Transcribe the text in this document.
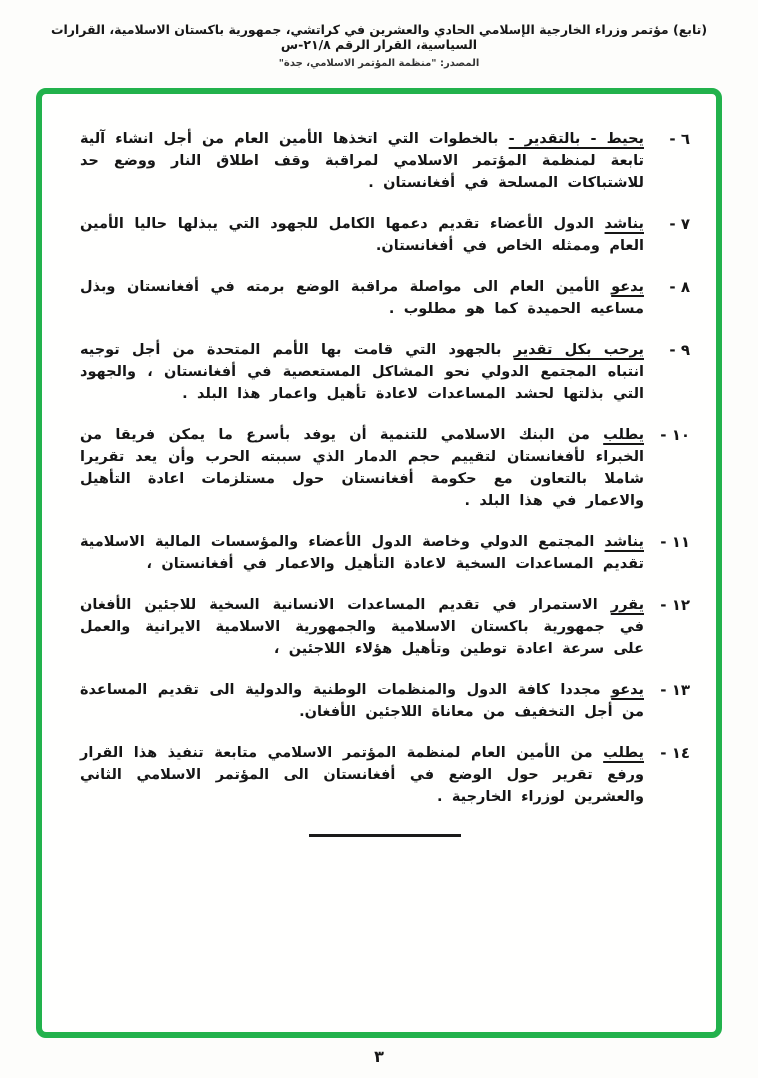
(تابع) مؤتمر وزراء الخارجية الإسلامي الحادي والعشرين في كراتشي، جمهورية باكستان الاسلامية، القرارات السياسية، القرار الرقم ٢١/٨-س
المصدر: "منظمة المؤتمر الاسلامي، جدة"
٦ -

يحيط - بالتقدير - بالخطوات التي اتخذها الأمين العام من أجل انشاء آلية تابعة لمنظمة المؤتمر الاسلامي لمراقبة وقف اطلاق النار ووضع حد للاشتباكات المسلحة في أفغانستان .

٧ -

يناشد الدول الأعضاء تقديم دعمها الكامل للجهود التي يبذلها حاليا الأمين العام وممثله الخاص في أفغانستان.

٨ -

يدعو الأمين العام الى مواصلة مراقبة الوضع برمته في أفغانستان وبذل مساعيه الحميدة كما هو مطلوب .

٩ -

يرحب بكل تقدير بالجهود التي قامت بها الأمم المتحدة من أجل توجيه انتباه المجتمع الدولي نحو المشاكل المستعصية في أفغانستان ، والجهود التي بذلتها لحشد المساعدات لاعادة تأهيل واعمار هذا البلد .

١٠ -

يطلب من البنك الاسلامي للتنمية أن يوفد بأسرع ما يمكن فريقا من الخبراء لأفغانستان لتقييم حجم الدمار الذي سببته الحرب وأن يعد تقريرا شاملا بالتعاون مع حكومة أفغانستان حول مستلزمات اعادة التأهيل والاعمار في هذا البلد .

١١ -

يناشد المجتمع الدولي وخاصة الدول الأعضاء والمؤسسات المالية الاسلامية تقديم المساعدات السخية لاعادة التأهيل والاعمار في أفغانستان ،

١٢ -

يقرر الاستمرار في تقديم المساعدات الانسانية السخية للاجئين الأفغان في جمهورية باكستان الاسلامية والجمهورية الاسلامية الايرانية والعمل على سرعة اعادة توطين وتأهيل هؤلاء اللاجئين ،

١٣ -

يدعو مجددا كافة الدول والمنظمات الوطنية والدولية الى تقديم المساعدة من أجل التخفيف من معاناة اللاجئين الأفغان.

١٤ -

يطلب من الأمين العام لمنظمة المؤتمر الاسلامي متابعة تنفيذ هذا القرار ورفع تقرير حول الوضع في أفغانستان الى المؤتمر الاسلامي الثاني والعشرين لوزراء الخارجية .

٣
